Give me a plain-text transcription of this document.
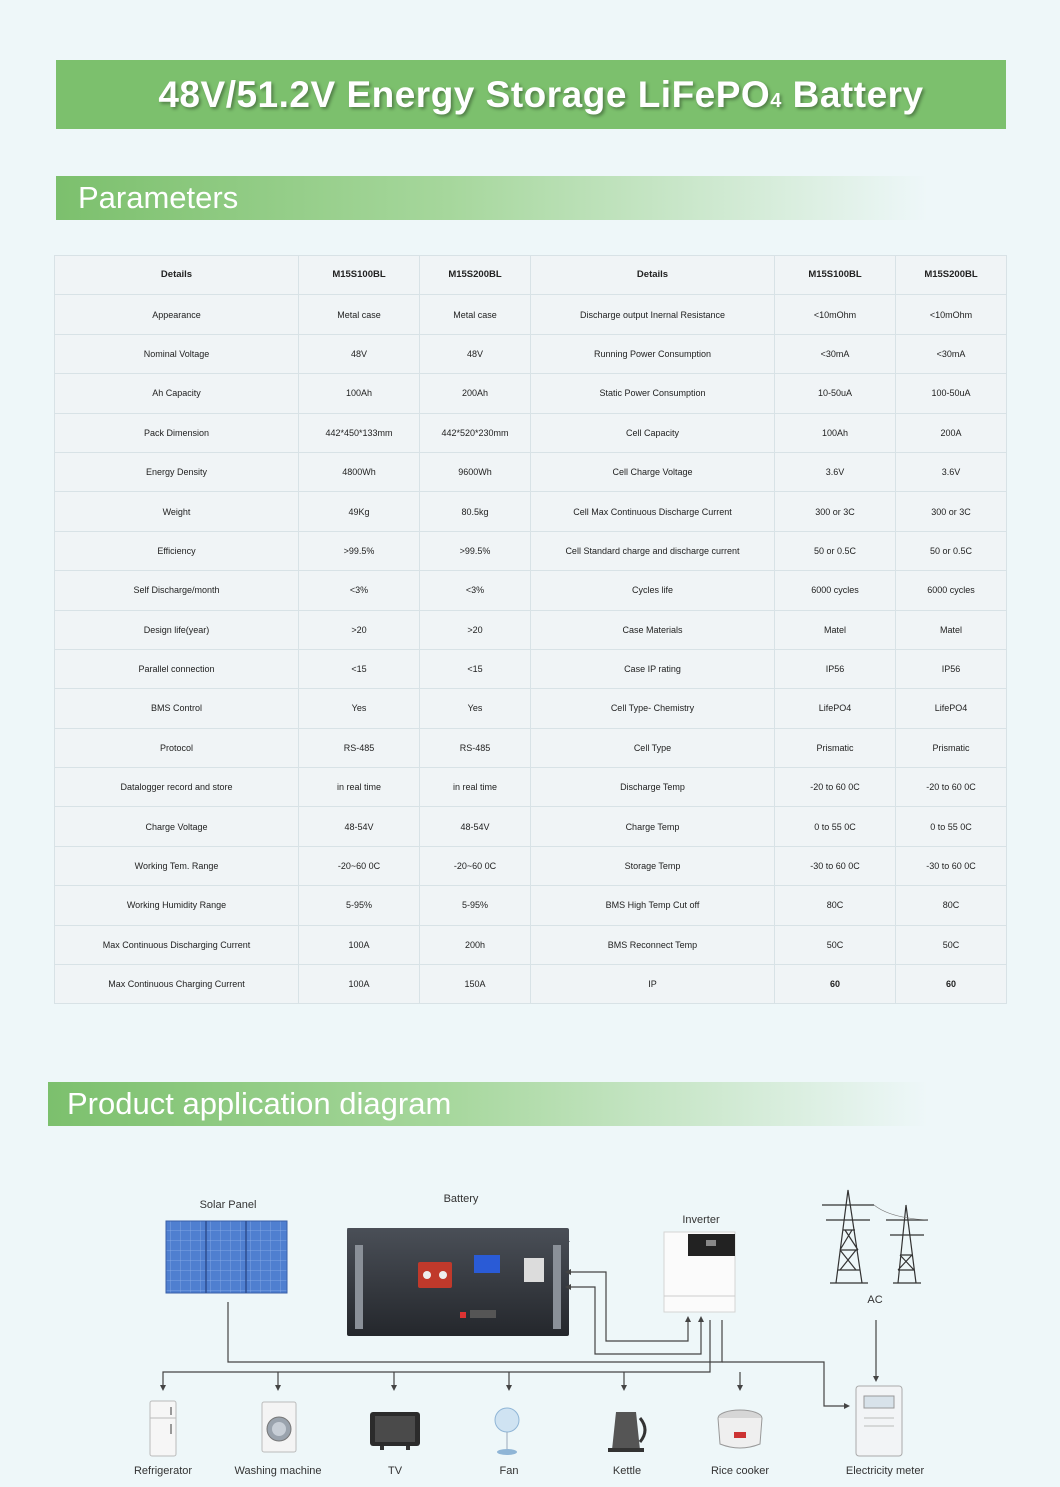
48V/51.2V Energy Storage LiFePO4 Battery
Parameters
Details	M15S100BL	M15S200BL	Details	M15S100BL	M15S200BL
Appearance	Metal case	Metal case	Discharge output Inernal Resistance	<10mOhm	<10mOhm
Nominal Voltage	48V	48V	Running Power Consumption	<30mA	<30mA
Ah Capacity	100Ah	200Ah	Static Power Consumption	10-50uA	100-50uA
Pack Dimension	442*450*133mm	442*520*230mm	Cell Capacity	100Ah	200A
Energy Density	4800Wh	9600Wh	Cell Charge Voltage	3.6V	3.6V
Weight	49Kg	80.5kg	Cell Max Continuous Discharge Current	300 or 3C	300 or 3C
Efficiency	>99.5%	>99.5%	Cell Standard charge and discharge current	50 or 0.5C	50 or 0.5C
Self Discharge/month	<3%	<3%	Cycles life	6000 cycles	6000 cycles
Design life(year)	>20	>20	Case Materials	Matel	Matel
Parallel connection	<15	<15	Case IP rating	IP56	IP56
BMS Control	Yes	Yes	Cell Type- Chemistry	LifePO4	LifePO4
Protocol	RS-485	RS-485	Cell Type	Prismatic	Prismatic
Datalogger record and store	in real time	in real time	Discharge Temp	-20 to 60 0C	-20 to 60 0C
Charge Voltage	48-54V	48-54V	Charge Temp	0 to 55 0C	0 to 55 0C
Working Tem. Range	-20~60 0C	-20~60 0C	Storage Temp	-30 to 60 0C	-30 to 60 0C
Working Humidity Range	5-95%	5-95%	BMS High Temp Cut off	80C	80C
Max Continuous Discharging Current	100A	200h	BMS Reconnect Temp	50C	50C
Max Continuous Charging Current	100A	150A	IP	60	60
Product application diagram
Solar Panel	Battery
Inverter
AC
Refrigerator	Washing machine	TV	Fan	Kettle	Rice cooker	Electricity meter
